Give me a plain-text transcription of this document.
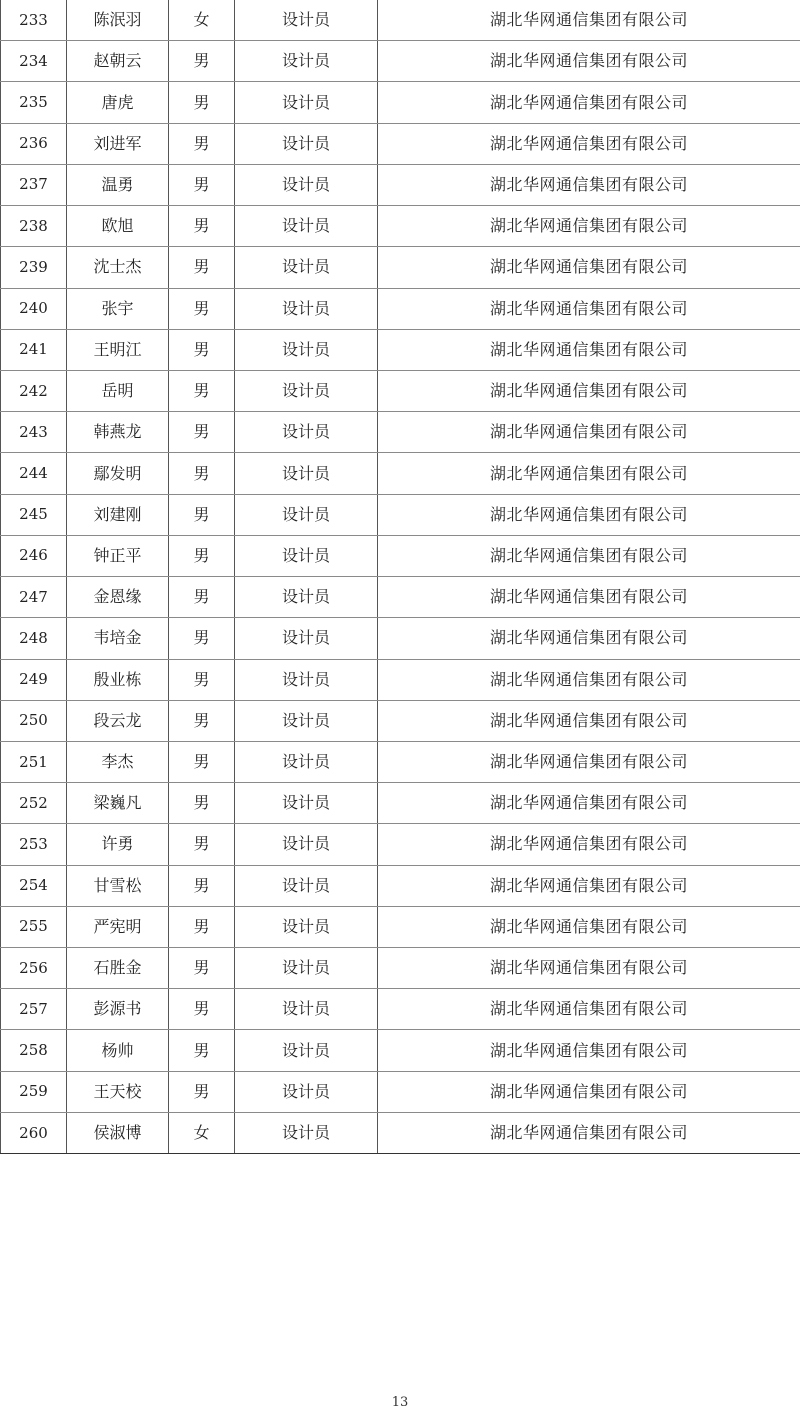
233	陈泯羽	女	设计员	湖北华网通信集团有限公司
234	赵朝云	男	设计员	湖北华网通信集团有限公司
235	唐虎	男	设计员	湖北华网通信集团有限公司
236	刘进军	男	设计员	湖北华网通信集团有限公司
237	温勇	男	设计员	湖北华网通信集团有限公司
238	欧旭	男	设计员	湖北华网通信集团有限公司
239	沈士杰	男	设计员	湖北华网通信集团有限公司
240	张宇	男	设计员	湖北华网通信集团有限公司
241	王明江	男	设计员	湖北华网通信集团有限公司
242	岳明	男	设计员	湖北华网通信集团有限公司
243	韩燕龙	男	设计员	湖北华网通信集团有限公司
244	鄢发明	男	设计员	湖北华网通信集团有限公司
245	刘建刚	男	设计员	湖北华网通信集团有限公司
246	钟正平	男	设计员	湖北华网通信集团有限公司
247	金恩缘	男	设计员	湖北华网通信集团有限公司
248	韦培金	男	设计员	湖北华网通信集团有限公司
249	殷业栋	男	设计员	湖北华网通信集团有限公司
250	段云龙	男	设计员	湖北华网通信集团有限公司
251	李杰	男	设计员	湖北华网通信集团有限公司
252	梁巍凡	男	设计员	湖北华网通信集团有限公司
253	许勇	男	设计员	湖北华网通信集团有限公司
254	甘雪松	男	设计员	湖北华网通信集团有限公司
255	严宪明	男	设计员	湖北华网通信集团有限公司
256	石胜金	男	设计员	湖北华网通信集团有限公司
257	彭源书	男	设计员	湖北华网通信集团有限公司
258	杨帅	男	设计员	湖北华网通信集团有限公司
259	王天校	男	设计员	湖北华网通信集团有限公司
260	侯淑博	女	设计员	湖北华网通信集团有限公司
13
